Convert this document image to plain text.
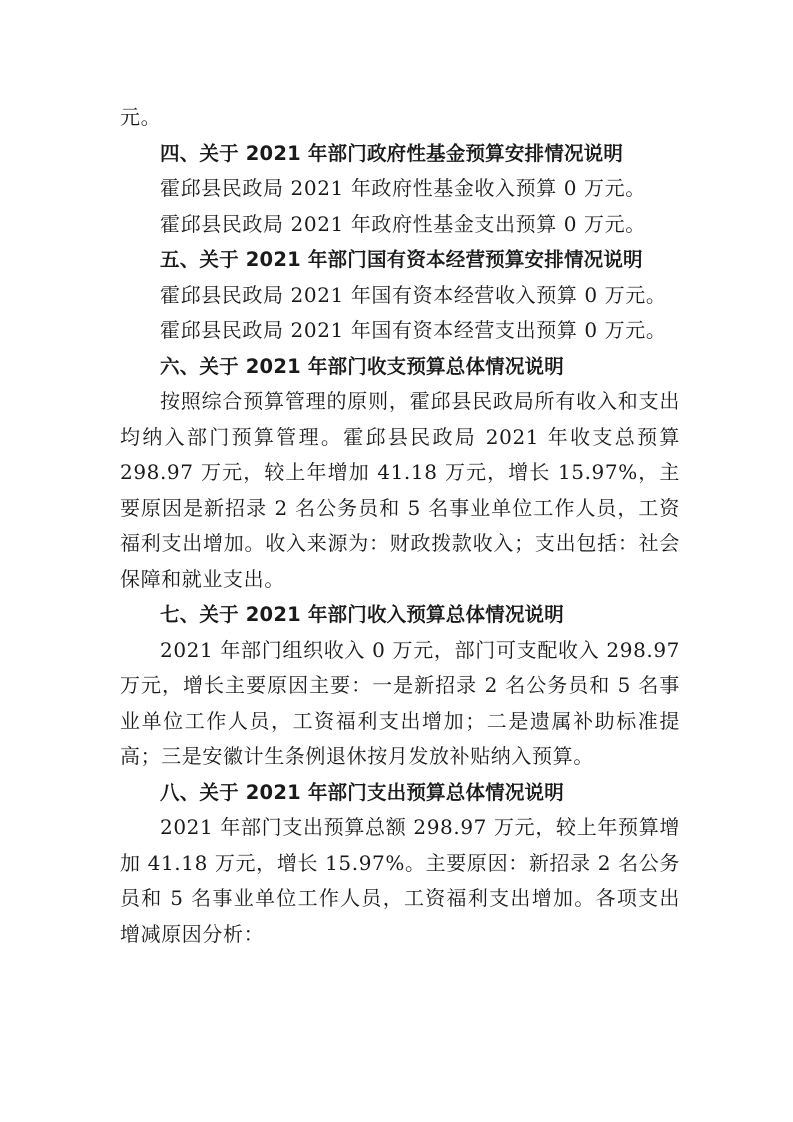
元。

四、关于 2021 年部门政府性基金预算安排情况说明

霍邱县民政局 2021 年政府性基金收入预算 0 万元。

霍邱县民政局 2021 年政府性基金支出预算 0 万元。

五、关于 2021 年部门国有资本经营预算安排情况说明

霍邱县民政局 2021 年国有资本经营收入预算 0 万元。

霍邱县民政局 2021 年国有资本经营支出预算 0 万元。

六、关于 2021 年部门收支预算总体情况说明

按照综合预算管理的原则，霍邱县民政局所有收入和支出均纳入部门预算管理。霍邱县民政局 2021 年收支总预算 298.97 万元，较上年增加 41.18 万元，增长 15.97%，主要原因是新招录 2 名公务员和 5 名事业单位工作人员，工资福利支出增加。收入来源为：财政拨款收入；支出包括：社会保障和就业支出。

七、关于 2021 年部门收入预算总体情况说明

2021 年部门组织收入 0 万元，部门可支配收入 298.97 万元，增长主要原因主要：一是新招录 2 名公务员和 5 名事业单位工作人员，工资福利支出增加；二是遗属补助标准提高；三是安徽计生条例退休按月发放补贴纳入预算。

八、关于 2021 年部门支出预算总体情况说明

2021 年部门支出预算总额 298.97 万元，较上年预算增加 41.18 万元，增长 15.97%。主要原因：新招录 2 名公务员和 5 名事业单位工作人员，工资福利支出增加。各项支出增减原因分析：
